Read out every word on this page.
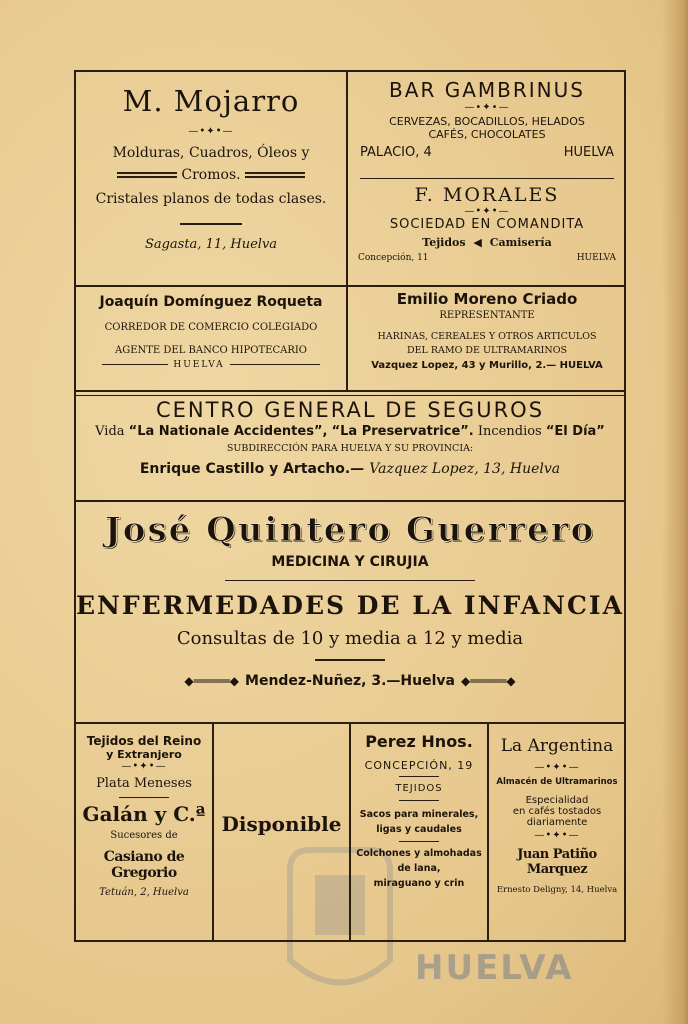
HUELVA
M. Mojarro
—•✦•—
Molduras, Cuadros, Óleos y
Cromos.
Cristales planos de todas clases.
Sagasta, 11, Huelva
BAR GAMBRINUS
—•✦•—
CERVEZAS, BOCADILLOS, HELADOS
CAFÉS, CHOCOLATES
PALACIO, 4	HUELVA
F. MORALES
—•✦•—
SOCIEDAD EN COMANDITA
Tejidos ◀ Camisería
Concepción, 11	HUELVA
Joaquín Domínguez Roqueta
CORREDOR DE COMERCIO COLEGIADO
AGENTE DEL BANCO HIPOTECARIO
HUELVA
Emilio Moreno Criado
REPRESENTANTE
HARINAS, CEREALES Y OTROS ARTICULOS
DEL RAMO DE ULTRAMARINOS
Vazquez Lopez, 43 y Murillo, 2.— HUELVA
CENTRO GENERAL DE SEGUROS
Vida “La Nationale Accidentes”, “La Preservatrice”. Incendios “El Día”
SUBDIRECCIÓN PARA HUELVA Y SU PROVINCIA:
Enrique Castillo y Artacho.— Vazquez Lopez, 13, Huelva
José Quintero Guerrero
MEDICINA Y CIRUJIA
ENFERMEDADES DE LA INFANCIA
Consultas de 10 y media a 12 y media
◆═════◆ Mendez-Nuñez, 3.—Huelva ◆═════◆
Tejidos del Reino
y Extranjero
—•✦•—
Plata Meneses
Galán y C.ª
Sucesores de
Casiano de Gregorio
Tetuán, 2, Huelva
Disponible
Perez Hnos.
CONCEPCIÓN, 19
TEJIDOS
Sacos para minerales,
ligas y caudales
Colchones y almohadas
de lana,
miraguano y crin
La Argentina
—•✦•—
Almacén de Ultramarinos
Especialidad
en cafés tostados
diariamente
—•✦•—
Juan Patiño Marquez
Ernesto Deligny, 14, Huelva
